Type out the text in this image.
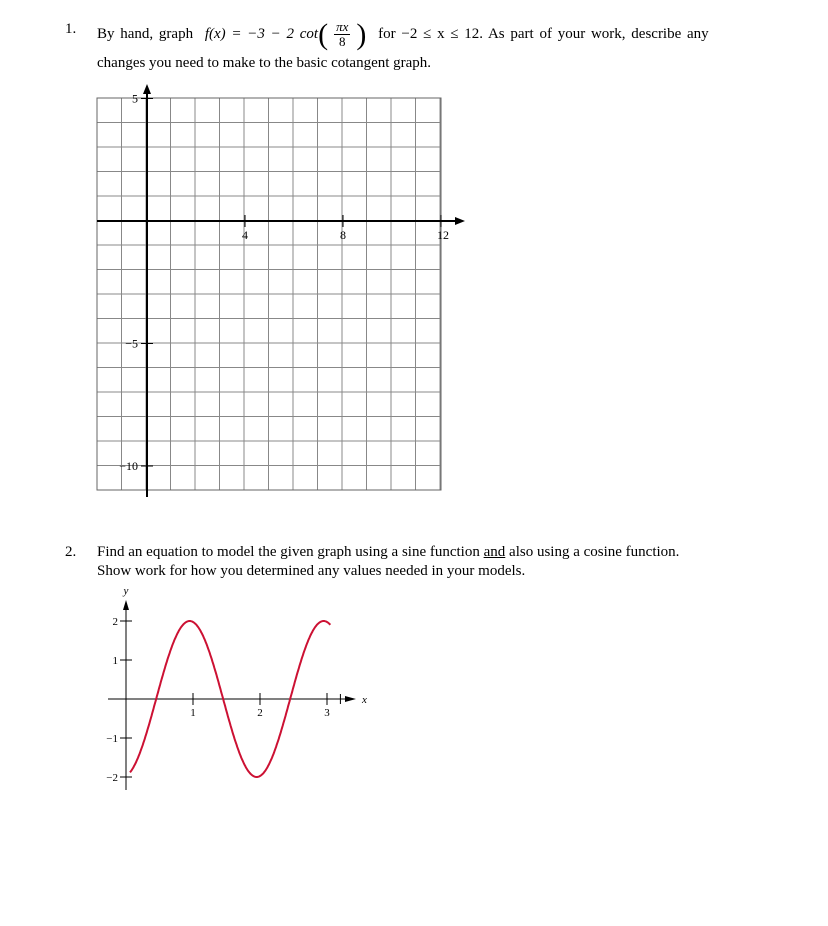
1. By hand, graph f(x) = −3 − 2 $\cot( \frac{\pi x}{8}$ ) for −2 ≤ x ≤ 12. As part of your work, describe any
changes you need to make to the basic cotangent graph.
4	8	12
5
−5
−10
2. Find an equation to model the given graph using a sine function and also using a cosine function.
Show work for how you determined any values needed in your models.
x
y
1	2	3
2
1
−1
−2
